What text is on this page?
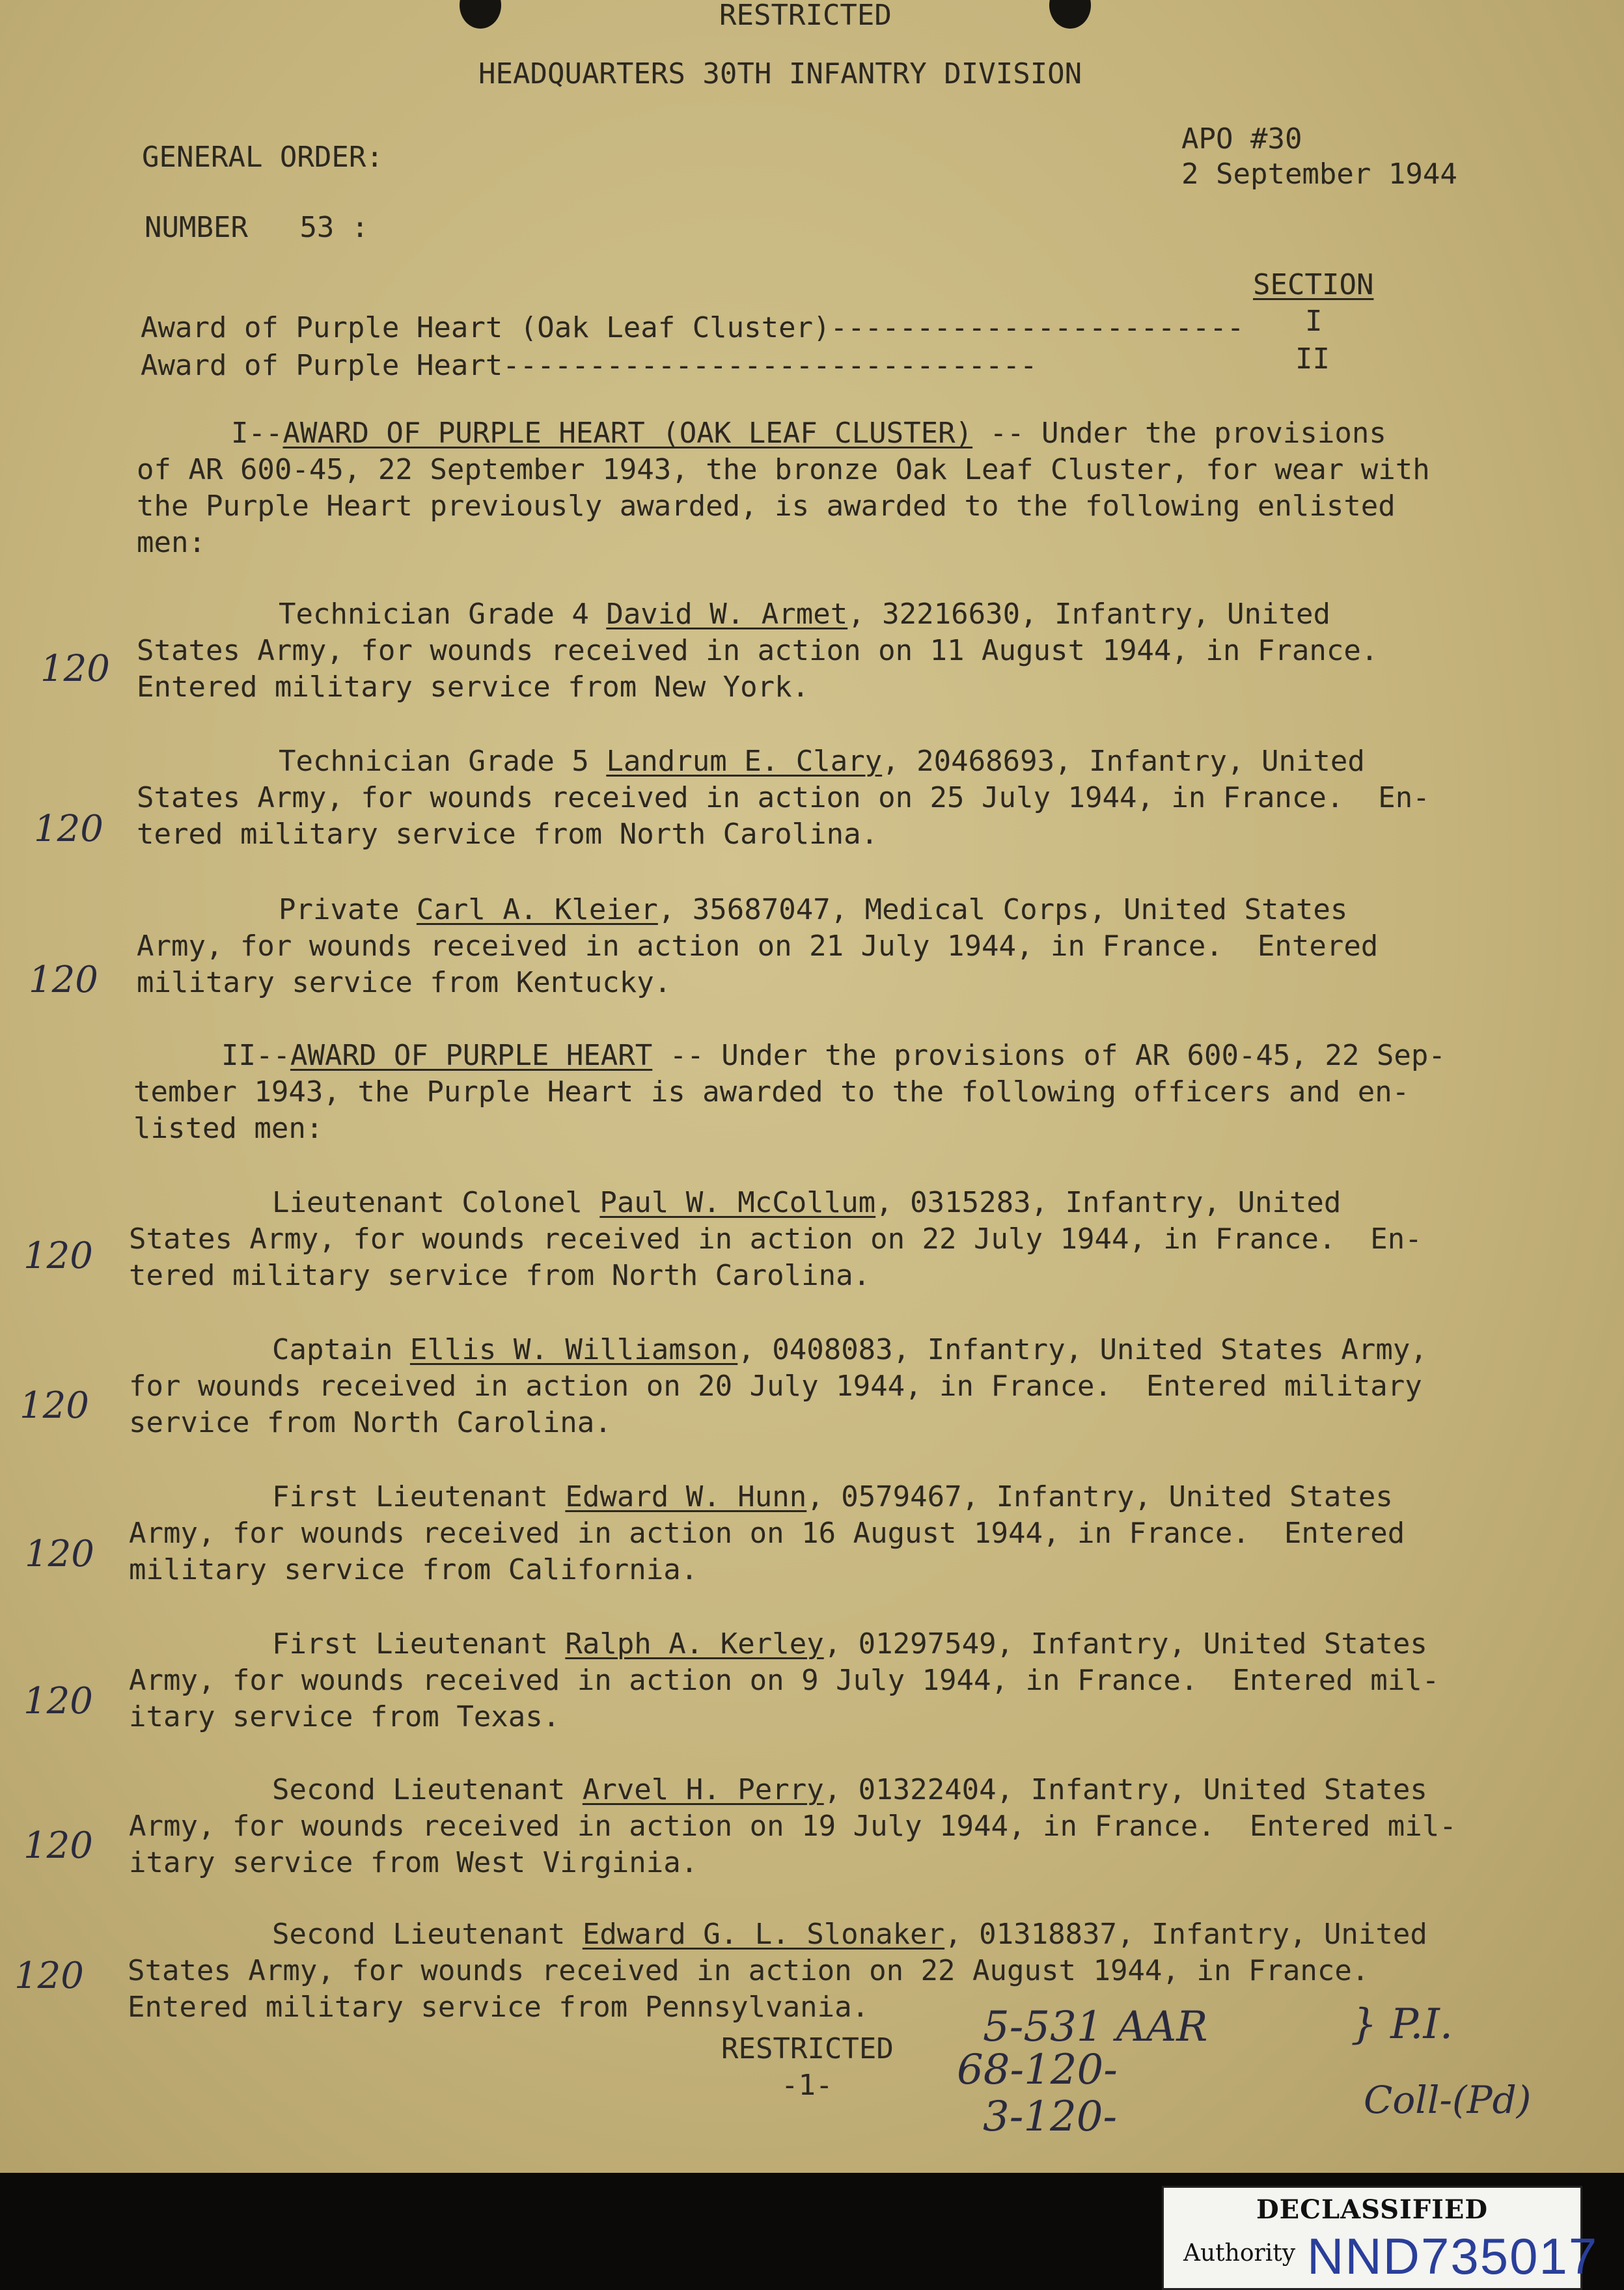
RESTRICTED
HEADQUARTERS 30TH INFANTRY DIVISION
GENERAL ORDER:
APO #30
2 September 1944
NUMBER 53 :
SECTION
Award of Purple Heart (Oak Leaf Cluster)------------------------ I
Award of Purple Heart-------------------------------	II
I--AWARD OF PURPLE HEART (OAK LEAF CLUSTER) -- Under the provisions
of AR 600-45, 22 September 1943, the bronze Oak Leaf Cluster, for wear with
the Purple Heart previously awarded, is awarded to the following enlisted
men:
Technician Grade 4 David W. Armet, 32216630, Infantry, United
States Army, for wounds received in action on 11 August 1944, in France.
Entered military service from New York.
Technician Grade 5 Landrum E. Clary, 20468693, Infantry, United
States Army, for wounds received in action on 25 July 1944, in France.  En-
tered military service from North Carolina.
Private Carl A. Kleier, 35687047, Medical Corps, United States
Army, for wounds received in action on 21 July 1944, in France.  Entered
military service from Kentucky.
II--AWARD OF PURPLE HEART -- Under the provisions of AR 600-45, 22 Sep-
tember 1943, the Purple Heart is awarded to the following officers and en-
listed men:
Lieutenant Colonel Paul W. McCollum, 0315283, Infantry, United
States Army, for wounds received in action on 22 July 1944, in France.  En-
tered military service from North Carolina.
Captain Ellis W. Williamson, 0408083, Infantry, United States Army,
for wounds received in action on 20 July 1944, in France.  Entered military
service from North Carolina.
First Lieutenant Edward W. Hunn, 0579467, Infantry, United States
Army, for wounds received in action on 16 August 1944, in France.  Entered
military service from California.
First Lieutenant Ralph A. Kerley, 01297549, Infantry, United States
Army, for wounds received in action on 9 July 1944, in France.  Entered mil-
itary service from Texas.
Second Lieutenant Arvel H. Perry, 01322404, Infantry, United States
Army, for wounds received in action on 19 July 1944, in France.  Entered mil-
itary service from West Virginia.
Second Lieutenant Edward G. L. Slonaker, 01318837, Infantry, United
States Army, for wounds received in action on 22 August 1944, in France.
Entered military service from Pennsylvania.
120
120
120
120
120
120
120
120
120
RESTRICTED
-1-
5-531 AAR
68-120-
3-120-
} P.I.
Coll-(Pd)
DECLASSIFIED
Authority NND735017
